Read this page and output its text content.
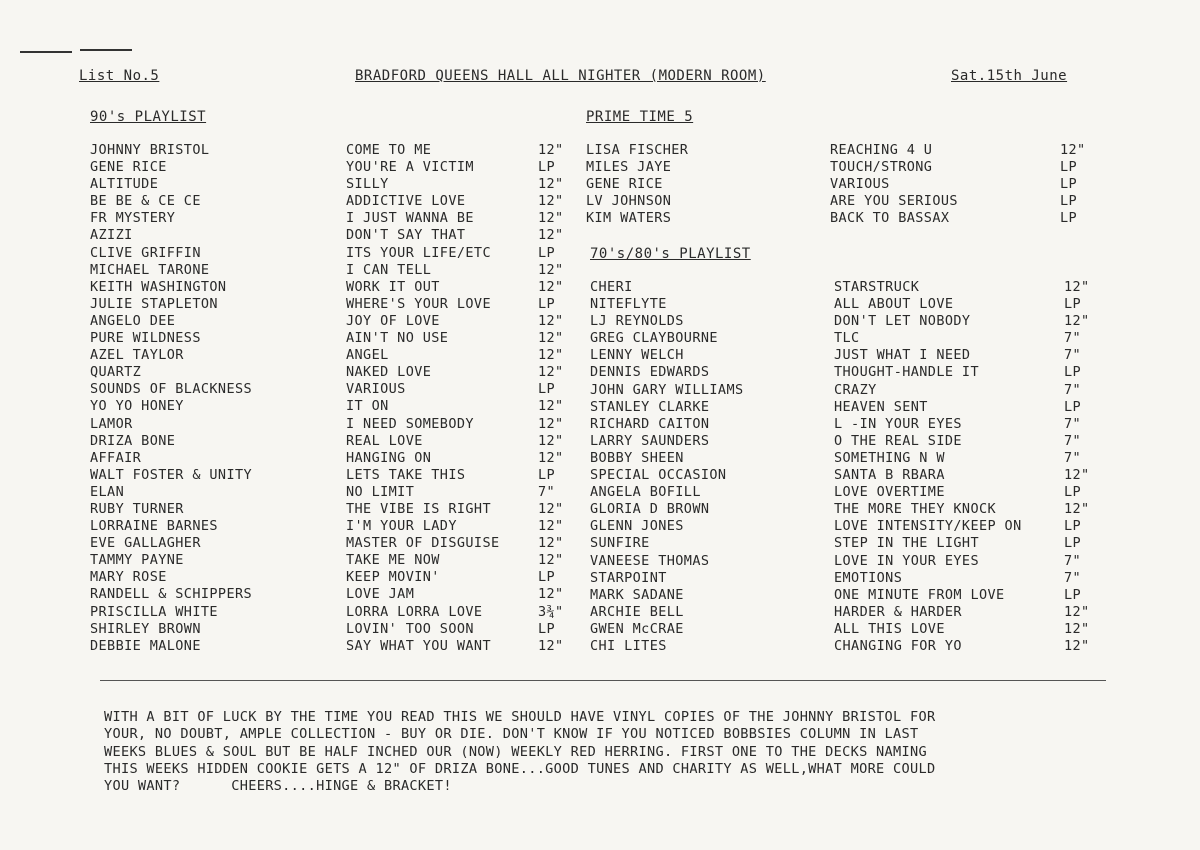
List No.5	BRADFORD QUEENS HALL ALL NIGHTER (MODERN ROOM)	Sat.15th June
90's PLAYLIST	PRIME TIME 5
70's/80's PLAYLIST
JOHNNY BRISTOL	COME TO ME	12"
GENE RICE	YOU'RE A VICTIM	LP
ALTITUDE	SILLY	12"
BE BE & CE CE	ADDICTIVE LOVE	12"
FR MYSTERY	I JUST WANNA BE	12"
AZIZI	DON'T SAY THAT	12"
CLIVE GRIFFIN	ITS YOUR LIFE/ETC	LP
MICHAEL TARONE	I CAN TELL	12"
KEITH WASHINGTON	WORK IT OUT	12"
JULIE STAPLETON	WHERE'S YOUR LOVE	LP
ANGELO DEE	JOY OF LOVE	12"
PURE WILDNESS	AIN'T NO USE	12"
AZEL TAYLOR	ANGEL	12"
QUARTZ	NAKED LOVE	12"
SOUNDS OF BLACKNESS	VARIOUS	LP
YO YO HONEY	IT ON	12"
LAMOR	I NEED SOMEBODY	12"
DRIZA BONE	REAL LOVE	12"
AFFAIR	HANGING ON	12"
WALT FOSTER & UNITY	LETS TAKE THIS	LP
ELAN	NO LIMIT	7"
RUBY TURNER	THE VIBE IS RIGHT	12"
LORRAINE BARNES	I'M YOUR LADY	12"
EVE GALLAGHER	MASTER OF DISGUISE	12"
TAMMY PAYNE	TAKE ME NOW	12"
MARY ROSE	KEEP MOVIN'	LP
RANDELL & SCHIPPERS	LOVE JAM	12"
PRISCILLA WHITE	LORRA LORRA LOVE	3¾"
SHIRLEY BROWN	LOVIN' TOO SOON	LP
DEBBIE MALONE	SAY WHAT YOU WANT	12"
LISA FISCHER	REACHING 4 U	12"
MILES JAYE	TOUCH/STRONG	LP
GENE RICE	VARIOUS	LP
LV JOHNSON	ARE YOU SERIOUS	LP
KIM WATERS	BACK TO BASSAX	LP
CHERI	STARSTRUCK	12"
NITEFLYTE	ALL ABOUT LOVE	LP
LJ REYNOLDS	DON'T LET NOBODY	12"
GREG CLAYBOURNE	TLC	7"
LENNY WELCH	JUST WHAT I NEED	7"
DENNIS EDWARDS	THOUGHT-HANDLE IT	LP
JOHN GARY WILLIAMS	CRAZY	7"
STANLEY CLARKE	HEAVEN SENT	LP
RICHARD CAITON	L -IN YOUR EYES	7"
LARRY SAUNDERS	O THE REAL SIDE	7"
BOBBY SHEEN	SOMETHING N W	7"
SPECIAL OCCASION	SANTA B RBARA	12"
ANGELA BOFILL	LOVE OVERTIME	LP
GLORIA D BROWN	THE MORE THEY KNOCK	12"
GLENN JONES	LOVE INTENSITY/KEEP ON	LP
SUNFIRE	STEP IN THE LIGHT	LP
VANEESE THOMAS	LOVE IN YOUR EYES	7"
STARPOINT	EMOTIONS	7"
MARK SADANE	ONE MINUTE FROM LOVE	LP
ARCHIE BELL	HARDER & HARDER	12"
GWEN McCRAE	ALL THIS LOVE	12"
CHI LITES	CHANGING FOR YO	12"
WITH A BIT OF LUCK BY THE TIME YOU READ THIS WE SHOULD HAVE VINYL COPIES OF THE JOHNNY BRISTOL FOR
YOUR, NO DOUBT, AMPLE COLLECTION - BUY OR DIE. DON'T KNOW IF YOU NOTICED BOBBSIES COLUMN IN LAST
WEEKS BLUES & SOUL BUT BE HALF INCHED OUR (NOW) WEEKLY RED HERRING. FIRST ONE TO THE DECKS NAMING
THIS WEEKS HIDDEN COOKIE GETS A 12" OF DRIZA BONE...GOOD TUNES AND CHARITY AS WELL,WHAT MORE COULD
YOU WANT?      CHEERS....HINGE & BRACKET!
